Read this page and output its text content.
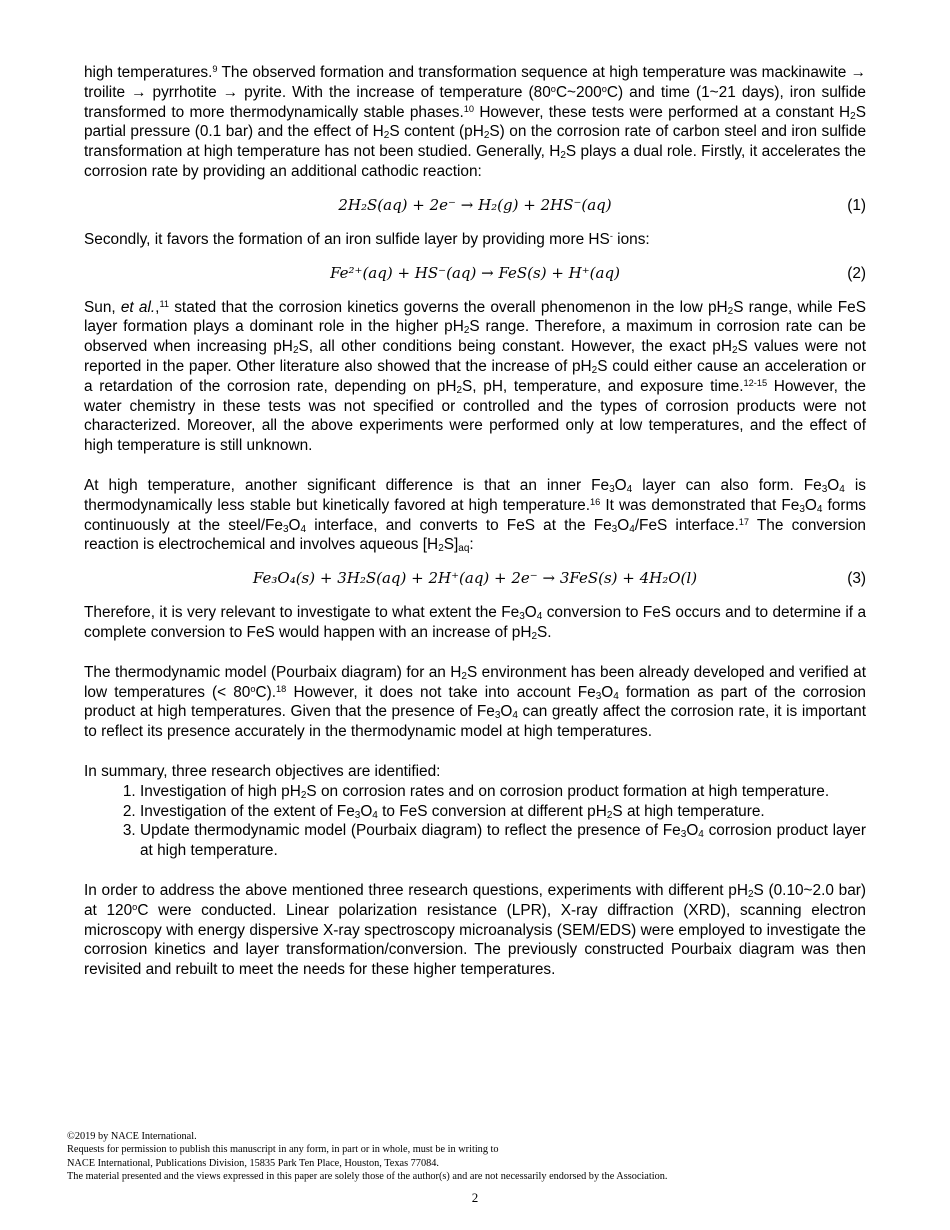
high temperatures.$^9$ The observed formation and transformation sequence at high temperature was mackinawite → troilite → pyrrhotite → pyrite. With the increase of temperature (80$^o$C~200$^o$C) and time (1~21 days), iron sulfide transformed to more thermodynamically stable phases.$^{10}$ However, these tests were performed at a constant $H_2S$ partial pressure (0.1 bar) and the effect of $H_2S$ content $(pH_2S)$ on the corrosion rate of carbon steel and iron sulfide transformation at high temperature has not been studied. Generally, $H_2S$ plays a dual role. Firstly, it accelerates the corrosion rate by providing an additional cathodic reaction:

2H₂S(aq) + 2e⁻ → H₂(g) + 2HS⁻(aq)	(1)

Secondly, it favors the formation of an iron sulfide layer by providing more HS- ions:

Fe²⁺(aq) + HS⁻(aq) → FeS(s) + H⁺(aq)	(2)

Sun, et al.,$^{11}$ stated that the corrosion kinetics governs the overall phenomenon in the low $pH_2S$ range, while FeS layer formation plays a dominant role in the higher $pH_2S$ range. Therefore, a maximum in corrosion rate can be observed when increasing $pH_2S$, all other conditions being constant. However, the exact $pH_2S$ values were not reported in the paper. Other literature also showed that the increase of $pH_2S$ could either cause an acceleration or a retardation of the corrosion rate, depending on $pH_2S$, pH, temperature, and exposure time.$^{12-15}$ However, the water chemistry in these tests was not specified or controlled and the types of corrosion products were not characterized. Moreover, all the above experiments were performed only at low temperatures, and the effect of high temperature is still unknown.

At high temperature, another significant difference is that an inner $Fe_3O_4$ layer can also form. $Fe_3O_4$ is thermodynamically less stable but kinetically favored at high temperature.$^{16}$ It was demonstrated that $Fe_3O_4$ forms continuously at the steel/$Fe_3O_4$ interface, and converts to FeS at the $Fe_3O_4$/FeS interface.$^{17}$ The conversion reaction is electrochemical and involves aqueous $[H_2S]_{aq}$:

Fe₃O₄(s) + 3H₂S(aq) + 2H⁺(aq) + 2e⁻ → 3FeS(s) + 4H₂O(l)	(3)

Therefore, it is very relevant to investigate to what extent the $Fe_3O_4$ conversion to FeS occurs and to determine if a complete conversion to FeS would happen with an increase of $pH_2S$.

The thermodynamic model (Pourbaix diagram) for an $H_2S$ environment has been already developed and verified at low temperatures (< $80^oC).^{18}$ However, it does not take into account $Fe_3O_4$ formation as part of the corrosion product at high temperatures. Given that the presence of $Fe_3O_4$ can greatly affect the corrosion rate, it is important to reflect its presence accurately in the thermodynamic model at high temperatures.

In summary, three research objectives are identified:

1. Investigation of high $pH_2S$ on corrosion rates and on corrosion product formation at high temperature.
2. Investigation of the extent of $Fe_3O_4$ to FeS conversion at different $pH_2S$ at high temperature.
3. Update thermodynamic model (Pourbaix diagram) to reflect the presence of $Fe_3O_4$ corrosion product layer at high temperature.

In order to address the above mentioned three research questions, experiments with different $pH_2S$ (0.10~2.0 bar) at 120$^o$C were conducted. Linear polarization resistance (LPR), X-ray diffraction (XRD), scanning electron microscopy with energy dispersive X-ray spectroscopy microanalysis (SEM/EDS) were employed to investigate the corrosion kinetics and layer transformation/conversion. The previously constructed Pourbaix diagram was then revisited and rebuilt to meet the needs for these higher temperatures.

©2019 by NACE International.
Requests for permission to publish this manuscript in any form, in part or in whole, must be in writing to
NACE International, Publications Division, 15835 Park Ten Place, Houston, Texas 77084.
The material presented and the views expressed in this paper are solely those of the author(s) and are not necessarily endorsed by the Association.
2
